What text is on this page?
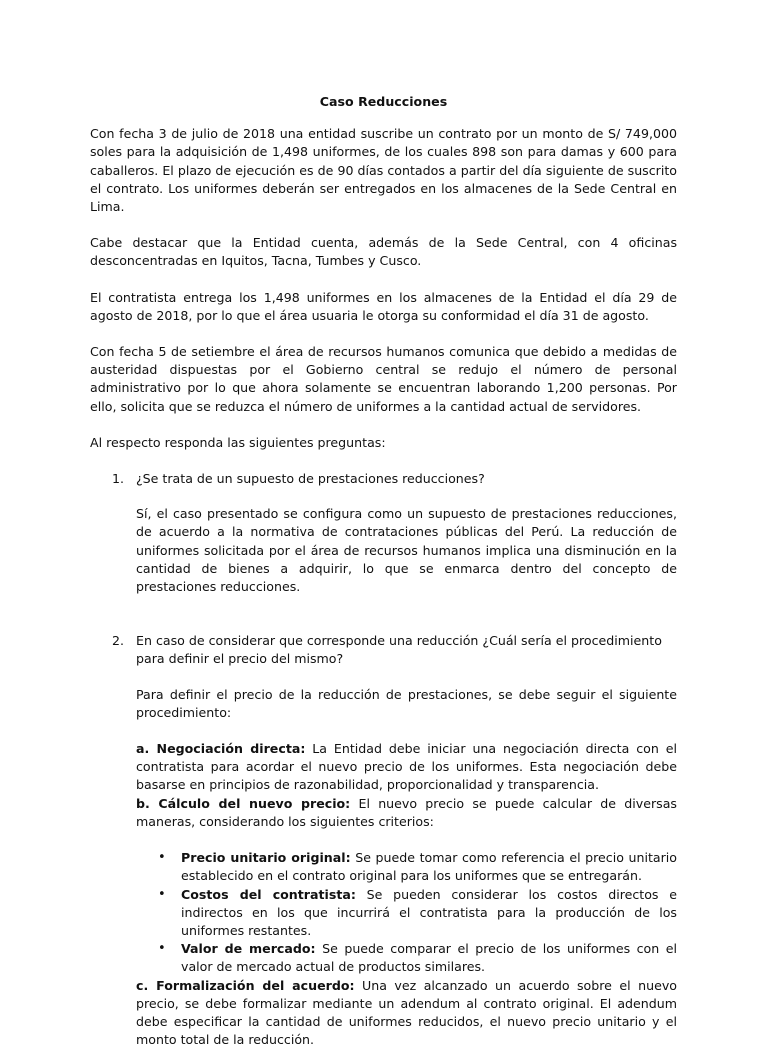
Caso Reducciones

Con fecha 3 de julio de 2018 una entidad suscribe un contrato por un monto de S/ 749,000 soles para la adquisición de 1,498 uniformes, de los cuales 898 son para damas y 600 para caballeros. El plazo de ejecución es de 90 días contados a partir del día siguiente de suscrito el contrato. Los uniformes deberán ser entregados en los almacenes de la Sede Central en Lima.

Cabe destacar que la Entidad cuenta, además de la Sede Central, con 4 oficinas desconcentradas en Iquitos, Tacna, Tumbes y Cusco.

El contratista entrega los 1,498 uniformes en los almacenes de la Entidad el día 29 de agosto de 2018, por lo que el área usuaria le otorga su conformidad el día 31 de agosto.

Con fecha 5 de setiembre el área de recursos humanos comunica que debido a medidas de austeridad dispuestas por el Gobierno central se redujo el número de personal administrativo por lo que ahora solamente se encuentran laborando 1,200 personas. Por ello, solicita que se reduzca el número de uniformes a la cantidad actual de servidores.

Al respecto responda las siguientes preguntas:

1. ¿Se trata de un supuesto de prestaciones reducciones?
Sí, el caso presentado se configura como un supuesto de prestaciones reducciones, de acuerdo a la normativa de contrataciones públicas del Perú. La reducción de uniformes solicitada por el área de recursos humanos implica una disminución en la cantidad de bienes a adquirir, lo que se enmarca dentro del concepto de prestaciones reducciones.
2. En caso de considerar que corresponde una reducción ¿Cuál sería el procedimiento para definir el precio del mismo?
Para definir el precio de la reducción de prestaciones, se debe seguir el siguiente procedimiento:
a. Negociación directa: La Entidad debe iniciar una negociación directa con el contratista para acordar el nuevo precio de los uniformes. Esta negociación debe basarse en principios de razonabilidad, proporcionalidad y transparencia.
b. Cálculo del nuevo precio: El nuevo precio se puede calcular de diversas maneras, considerando los siguientes criterios:
• Precio unitario original: Se puede tomar como referencia el precio unitario establecido en el contrato original para los uniformes que se entregarán.
• Costos del contratista: Se pueden considerar los costos directos e indirectos en los que incurrirá el contratista para la producción de los uniformes restantes.
• Valor de mercado: Se puede comparar el precio de los uniformes con el valor de mercado actual de productos similares.
c. Formalización del acuerdo: Una vez alcanzado un acuerdo sobre el nuevo precio, se debe formalizar mediante un adendum al contrato original. El adendum debe especificar la cantidad de uniformes reducidos, el nuevo precio unitario y el monto total de la reducción.
